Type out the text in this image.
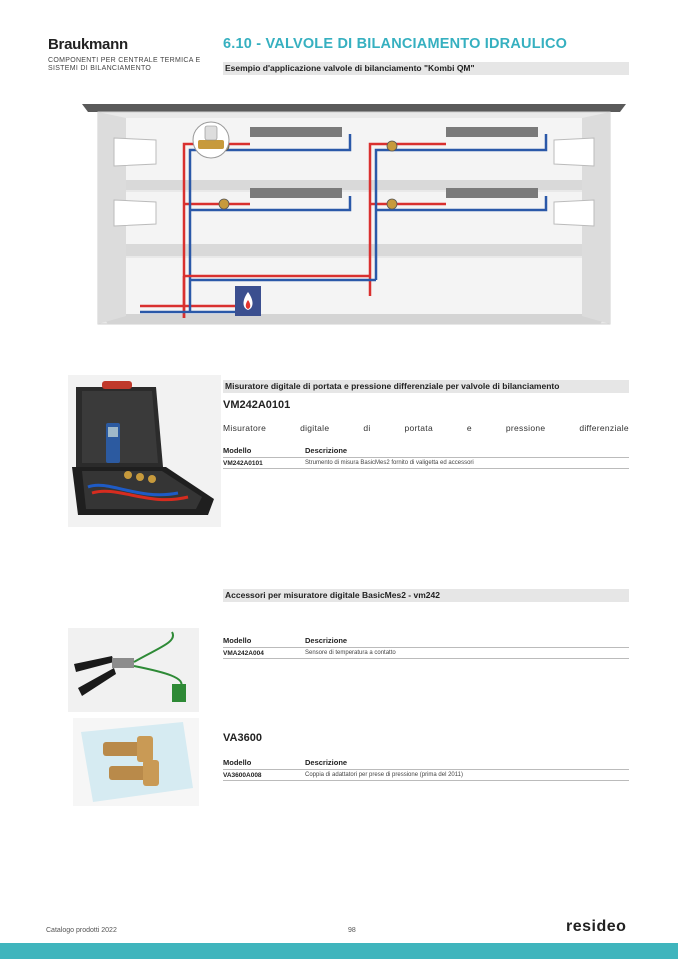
Braukmann
COMPONENTI PER CENTRALE TERMICA E SISTEMI DI BILANCIAMENTO
6.10 - VALVOLE DI BILANCIAMENTO IDRAULICO
Esempio d'applicazione valvole di bilanciamento "Kombi QM"
Misuratore digitale di portata e pressione differenziale per valvole di bilanciamento
VM242A0101
Misuratore	digitale	di	portata	e	pressione	differenziale
Modello	Descrizione
VM242A0101	Strumento di misura BasicMes2 fornito di valigetta ed accessori
Accessori per misuratore digitale BasicMes2 - vm242
Modello	Descrizione
VMA242A004	Sensore di temperatura a contatto
VA3600
Modello	Descrizione
VA3600A008	Coppia di adattatori per prese di pressione (prima del 2011)
Catalogo prodotti 2022	98	resideo
